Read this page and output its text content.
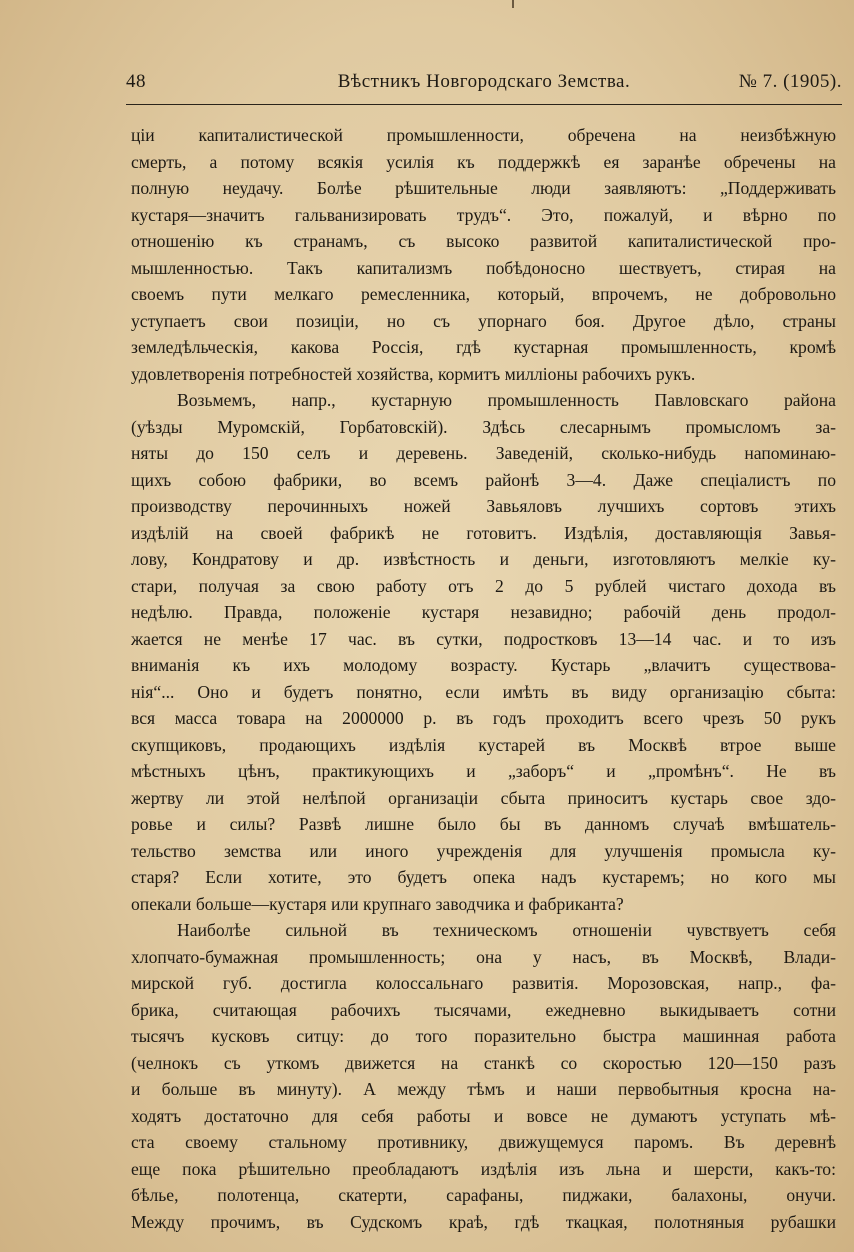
48	Вѣстникъ Новгородскаго Земства.	№ 7. (1905).
ціи капиталистической промышленности, обречена на неизбѣжную
смерть, а потому всякія усилія къ поддержкѣ ея заранѣе обречены на
полную неудачу. Болѣе рѣшительные люди заявляютъ: „Поддерживать
кустаря—значитъ гальванизировать трудъ“. Это, пожалуй, и вѣрно по
отношенію къ странамъ, съ высоко развитой капиталистической про-
мышленностью. Такъ капитализмъ побѣдоносно шествуетъ, стирая на
своемъ пути мелкаго ремесленника, который, впрочемъ, не добровольно
уступаетъ свои позиціи, но съ упорнаго боя. Другое дѣло, страны
земледѣльческія, какова Россія, гдѣ кустарная промышленность, кромѣ
удовлетворенія потребностей хозяйства, кормитъ милліоны рабочихъ рукъ.
Возьмемъ, напр., кустарную промышленность Павловскаго района
(уѣзды Муромскій, Горбатовскій). Здѣсь слесарнымъ промысломъ за-
няты до 150 селъ и деревень. Заведеній, сколько-нибудь напоминаю-
щихъ собою фабрики, во всемъ районѣ 3—4. Даже спеціалистъ по
производству перочинныхъ ножей Завьяловъ лучшихъ сортовъ этихъ
издѣлій на своей фабрикѣ не готовитъ. Издѣлія, доставляющія Завья-
лову, Кондратову и др. извѣстность и деньги, изготовляютъ мелкіе ку-
стари, получая за свою работу отъ 2 до 5 рублей чистаго дохода въ
недѣлю. Правда, положеніе кустаря незавидно; рабочій день продол-
жается не менѣе 17 час. въ сутки, подростковъ 13—14 час. и то изъ
вниманія къ ихъ молодому возрасту. Кустарь „влачитъ существова-
нія“... Оно и будетъ понятно, если имѣть въ виду организацію сбыта:
вся масса товара на 2000000 р. въ годъ проходитъ всего чрезъ 50 рукъ
скупщиковъ, продающихъ издѣлія кустарей въ Москвѣ втрое выше
мѣстныхъ цѣнъ, практикующихъ и „заборъ“ и „промѣнъ“. Не въ
жертву ли этой нелѣпой организаціи сбыта приноситъ кустарь свое здо-
ровье и силы? Развѣ лишне было бы въ данномъ случаѣ вмѣшатель-
тельство земства или иного учрежденія для улучшенія промысла ку-
старя? Если хотите, это будетъ опека надъ кустаремъ; но кого мы
опекали больше—кустаря или крупнаго заводчика и фабриканта?
Наиболѣе сильной въ техническомъ отношеніи чувствуетъ себя
хлопчато-бумажная промышленность; она у насъ, въ Москвѣ, Влади-
мирской губ. достигла колоссальнаго развитія. Морозовская, напр., фа-
брика, считающая рабочихъ тысячами, ежедневно выкидываетъ сотни
тысячъ кусковъ ситцу: до того поразительно быстра машинная работа
(челнокъ съ уткомъ движется на станкѣ со скоростью 120—150 разъ
и больше въ минуту). А между тѣмъ и наши первобытныя кросна на-
ходятъ достаточно для себя работы и вовсе не думаютъ уступать мѣ-
ста своему стальному противнику, движущемуся паромъ. Въ деревнѣ
еще пока рѣшительно преобладаютъ издѣлія изъ льна и шерсти, какъ-то:
бѣлье, полотенца, скатерти, сарафаны, пиджаки, балахоны, онучи.
Между прочимъ, въ Судскомъ краѣ, гдѣ ткацкая, полотняныя рубашки
